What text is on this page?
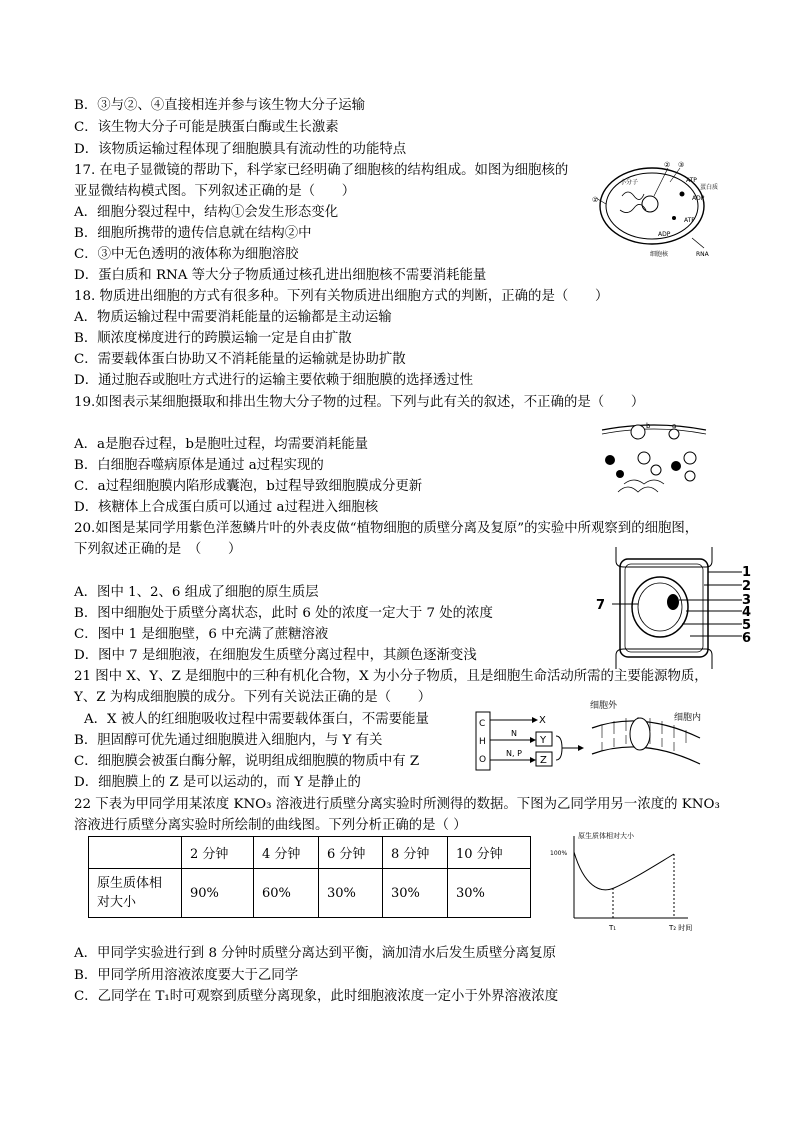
B．③与②、④直接相连并参与该生物大分子运输
C．该生物大分子可能是胰蛋白酶或生长激素
D．该物质运输过程体现了细胞膜具有流动性的功能特点
17. 在电子显微镜的帮助下，科学家已经明确了细胞核的结构组成。如图为细胞核的
亚显微结构模式图。下列叙述正确的是（　　）
A．细胞分裂过程中，结构①会发生形态变化
B．细胞所携带的遗传信息就在结构②中
C．③中无色透明的液体称为细胞溶胶
D．蛋白质和 RNA 等大分子物质通过核孔进出细胞核不需要消耗能量
18. 物质进出细胞的方式有很多种。下列有关物质进出细胞方式的判断，正确的是（　　）
A．物质运输过程中需要消耗能量的运输都是主动运输
B．顺浓度梯度进行的跨膜运输一定是自由扩散
C．需要载体蛋白协助又不消耗能量的运输就是协助扩散
D．通过胞吞或胞吐方式进行的运输主要依赖于细胞膜的选择透过性
19.如图表示某细胞摄取和排出生物大分子物的过程。下列与此有关的叙述，不正确的是（　　）
A．a是胞吞过程，b是胞吐过程，均需要消耗能量
B．白细胞吞噬病原体是通过 a过程实现的
C．a过程细胞膜内陷形成囊泡，b过程导致细胞膜成分更新
D．核糖体上合成蛋白质可以通过 a过程进入细胞核
20.如图是某同学用紫色洋葱鳞片叶的外表皮做“植物细胞的质壁分离及复原”的实验中所观察到的细胞图，
下列叙述正确的是　（　　）
A．图中 1、2、6 组成了细胞的原生质层
B．图中细胞处于质壁分离状态，此时 6 处的浓度一定大于 7 处的浓度
C．图中 1 是细胞壁，6 中充满了蔗糖溶液
D．图中 7 是细胞液，在细胞发生质壁分离过程中，其颜色逐渐变浅
21 图中 X、Y、Z 是细胞中的三种有机化合物，X 为小分子物质，且是细胞生命活动所需的主要能源物质，
Y、Z 为构成细胞膜的成分。下列有关说法正确的是（　　）
A．X 被人的红细胞吸收过程中需要载体蛋白，不需要能量
B．胆固醇可优先通过细胞膜进入细胞内，与 Y 有关
C．细胞膜会被蛋白酶分解，说明组成细胞膜的物质中有 Z
D．细胞膜上的 Z 是可以运动的，而 Y 是静止的
22 下表为甲同学用某浓度 KNO₃ 溶液进行质壁分离实验时所测得的数据。下图为乙同学用另一浓度的 KNO₃
溶液进行质壁分离实验时所绘制的曲线图。下列分析正确的是（ ）
A．甲同学实验进行到 8 分钟时质壁分离达到平衡，滴加清水后发生质壁分离复原
B．甲同学所用溶液浓度要大于乙同学
C．乙同学在 T₁时可观察到质壁分离现象，此时细胞液浓度一定小于外界溶液浓度
	2 分钟	4 分钟	6 分钟	8 分钟	10 分钟
原生质体相对大小	90%	60%	30%	30%	30%
①
② ③
小分子	ATP
ADP
蛋白质
ATP
ADP
RNA
细胞核
b	a
1
2
3
4
5
6
7
C
H
O
N
N, P
X
Y
Z
细胞外
细胞内
原生质体相对大小
100%
T₁	T₂ 时间
